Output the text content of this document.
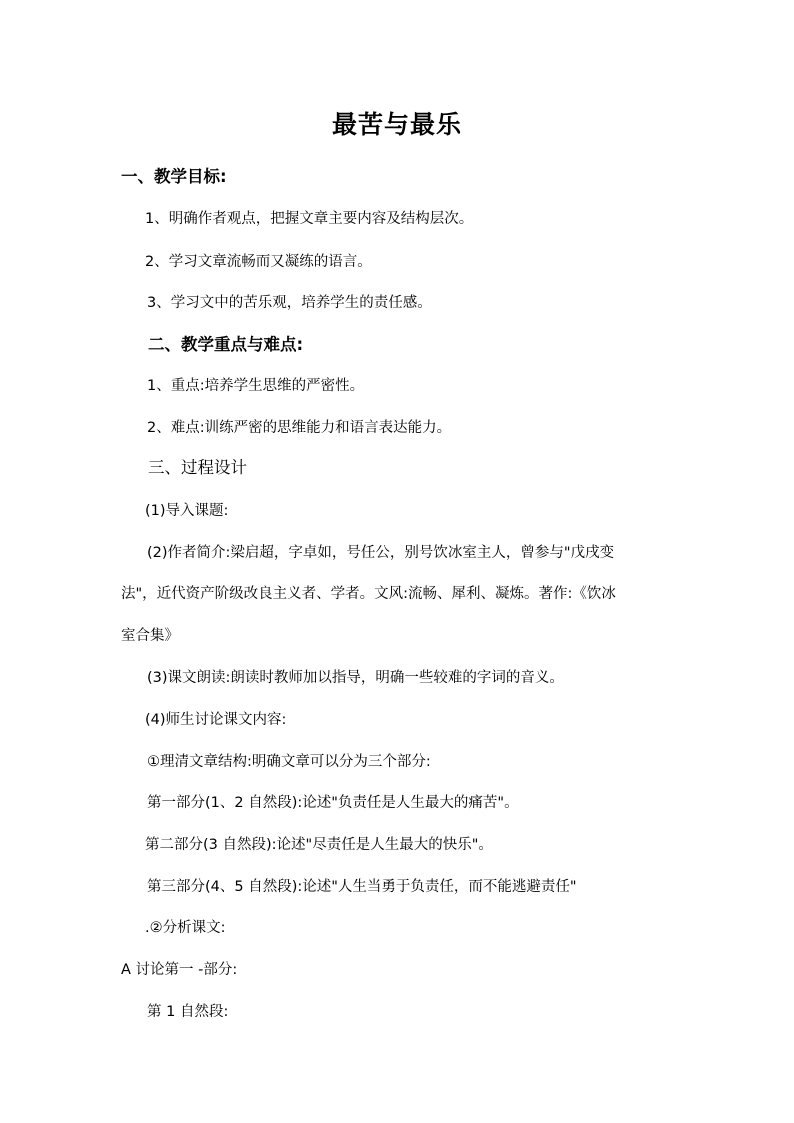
最苦与最乐
一、教学目标:
1、明确作者观点，把握文章主要内容及结构层次。
2、学习文章流畅而又凝练的语言。
3、学习文中的苦乐观，培养学生的责任感。
二、教学重点与难点:
1、重点:培养学生思维的严密性。
2、难点:训练严密的思维能力和语言表达能力。
三、过程设计
(1)导入课题:
(2)作者简介:梁启超，字卓如，号任公，别号饮冰室主人，曾参与"戊戌变
法"，近代资产阶级改良主义者、学者。文风:流畅、犀利、凝炼。著作:《饮冰
室合集》
(3)课文朗读:朗读时教师加以指导，明确一些较难的字词的音义。
(4)师生讨论课文内容:
①理清文章结构:明确文章可以分为三个部分:
第一部分(1、2 自然段):论述"负责任是人生最大的痛苦"。
第二部分(3 自然段):论述"尽责任是人生最大的快乐"。
第三部分(4、5 自然段):论述"人生当勇于负责任，而不能逃避责任"
.②分析课文:
A 讨论第一 -部分:
第 1 自然段:
